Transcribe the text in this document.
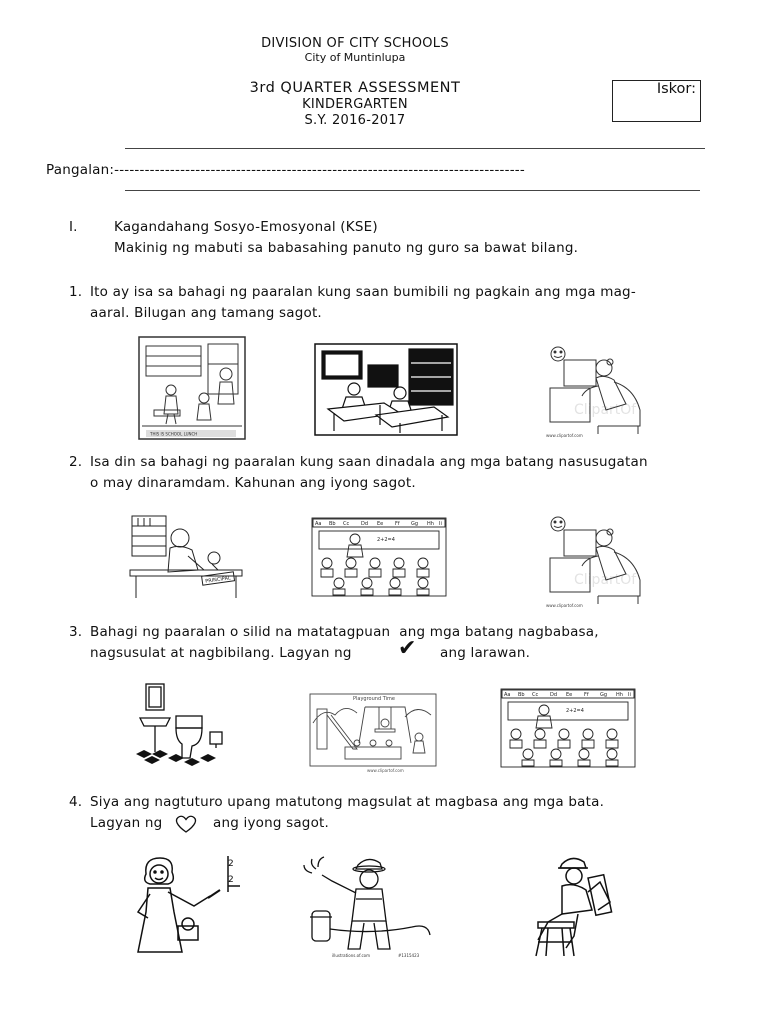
DIVISION OF CITY SCHOOLS
City of Muntinlupa
3rd QUARTER ASSESSMENT
KINDERGARTEN
S.Y. 2016-2017
Iskor:
Pangalan:---------------------------------------------------------------------------------
I.	Kagandahang Sosyo-Emosyonal (KSE)
Makinig ng mabuti sa babasahing panuto ng guro sa bawat bilang.
1. Ito ay isa sa bahagi ng paaralan kung saan bumibili ng pagkain ang mga mag-
aaral. Bilugan ang tamang sagot.
THIS IS SCHOOL LUNCH
ClipartOf
www.clipartof.com
2. Isa din sa bahagi ng paaralan kung saan dinadala ang mga batang nasusugatan
o may dinaramdam. Kahunan ang iyong sagot.
PRINCIPAL
Aa Bb Cc Dd Ee Ff Gg Hh Ii
2+2=4
ClipartOf
www.clipartof.com
3. Bahagi ng paaralan o silid na matatagpuan  ang mga batang nagbabasa,
nagsusulat at nagbibilang. Lagyan ng ✔ ang larawan.
Playground Time
www.clipartof.com
Aa Bb Cc Dd Ee Ff Gg Hh Ii
2+2=4
4. Siya ang nagtuturo upang matutong magsulat at magbasa ang mga bata.
Lagyan ng	ang iyong sagot.
2
2
illustrations.of.com	#1315423
